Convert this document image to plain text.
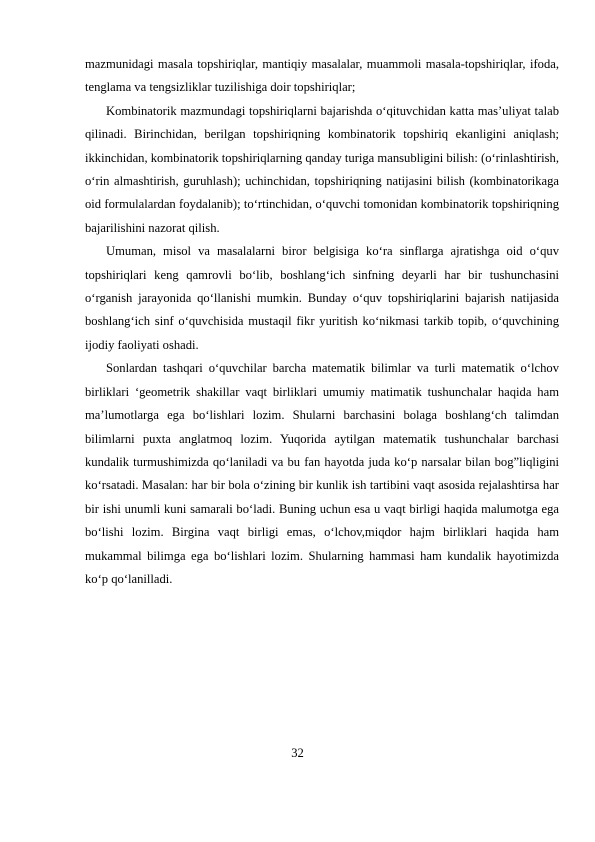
mazmunidagi masala topshiriqlar, mantiqiy masalalar, muammoli masala-topshiriqlar, ifoda, tenglama va tengsizliklar tuzilishiga doir topshiriqlar;

Kombinatorik mazmundagi topshiriqlarni bajarishda o‘qituvchidan katta mas’uliyat talab qilinadi. Birinchidan, berilgan topshiriqning kombinatorik topshiriq ekanligini aniqlash; ikkinchidan, kombinatorik topshiriqlarning qanday turiga mansubligini bilish: (o‘rinlashtirish, o‘rin almashtirish, guruhlash); uchinchidan, topshiriqning natijasini bilish (kombinatorikaga oid formulalardan foydalanib); to‘rtinchidan, o‘quvchi tomonidan kombinatorik topshiriqning bajarilishini nazorat qilish.

Umuman, misol va masalalarni biror belgisiga ko‘ra sinflarga ajratishga oid o‘quv topshiriqlari keng qamrovli bo‘lib, boshlang‘ich sinfning deyarli har bir tushunchasini o‘rganish jarayonida qo‘llanishi mumkin. Bunday o‘quv topshiriqlarini bajarish natijasida boshlang‘ich sinf o‘quvchisida mustaqil fikr yuritish ko‘nikmasi tarkib topib, o‘quvchining ijodiy faoliyati oshadi.

Sonlardan tashqari o‘quvchilar barcha matematik bilimlar va turli matematik o‘lchov birliklari ‘geometrik shakillar vaqt birliklari umumiy matimatik tushunchalar haqida ham ma’lumotlarga ega bo‘lishlari lozim. Shularni barchasini bolaga boshlang‘ch talimdan bilimlarni puxta anglatmoq lozim. Yuqorida aytilgan matematik tushunchalar barchasi kundalik turmushimizda qo‘laniladi va bu fan hayotda juda ko‘p narsalar bilan bog”liqligini ko‘rsatadi. Masalan: har bir bola o‘zining bir kunlik ish tartibini vaqt asosida rejalashtirsa har bir ishi unumli kuni samarali bo‘ladi. Buning uchun esa u vaqt birligi haqida malumotga ega bo‘lishi lozim. Birgina vaqt birligi emas, o‘lchov,miqdor hajm birliklari haqida ham mukammal bilimga ega bo‘lishlari lozim. Shularning hammasi ham kundalik hayotimizda ko‘p qo‘lanilladi.

32
